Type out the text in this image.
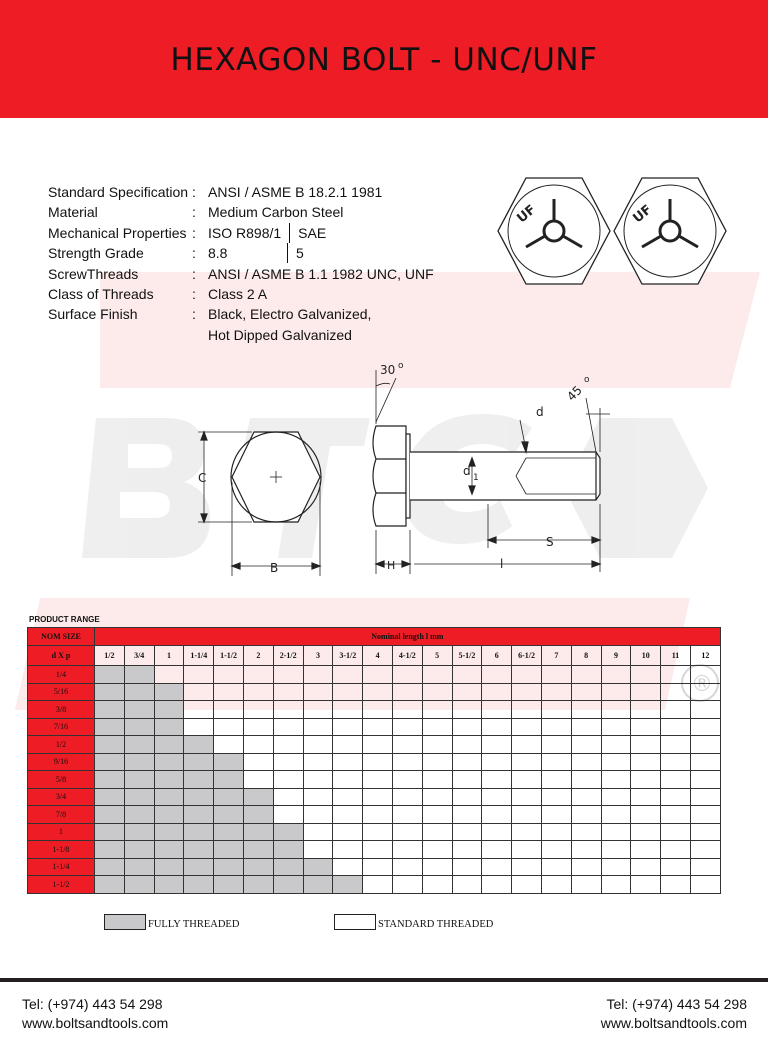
HEXAGON BOLT - UNC/UNF
®
Standard Specification : ANSI / ASME B 18.2.1 1981
Material	: Medium Carbon Steel
Mechanical Properties : ISO R898/1 SAE
Strength Grade	: 8.8	5
ScrewThreads	: ANSI / ASME B 1.1 1982 UNC, UNF
Class of Threads	: Class 2 A
Surface Finish	: Black, Electro Galvanized,
Hot Dipped Galvanized
UF	UF
30 o
45
o
d
d 1
C
B	H	l
S
PRODUCT RANGE
NOM SIZE	Nominal length l mm																				
d X p	1/2	3/4	1	1-1/4	1-1/2	2	2-1/2	3	3-1/2	4	4-1/2	5	5-1/2	6	6-1/2	7	8	9	10	11	12
1/4																					
5/16																					
3/8																					
7/16																					
1/2																					
9/16																					
5/8																					
3/4																					
7/8																					
1																					
1-1/8																					
1-1/4																					
1-1/2																					
FULLY THREADED	STANDARD THREADED
Tel: (+974) 443 54 298
www.boltsandtools.com
Tel: (+974) 443 54 298
www.boltsandtools.com
